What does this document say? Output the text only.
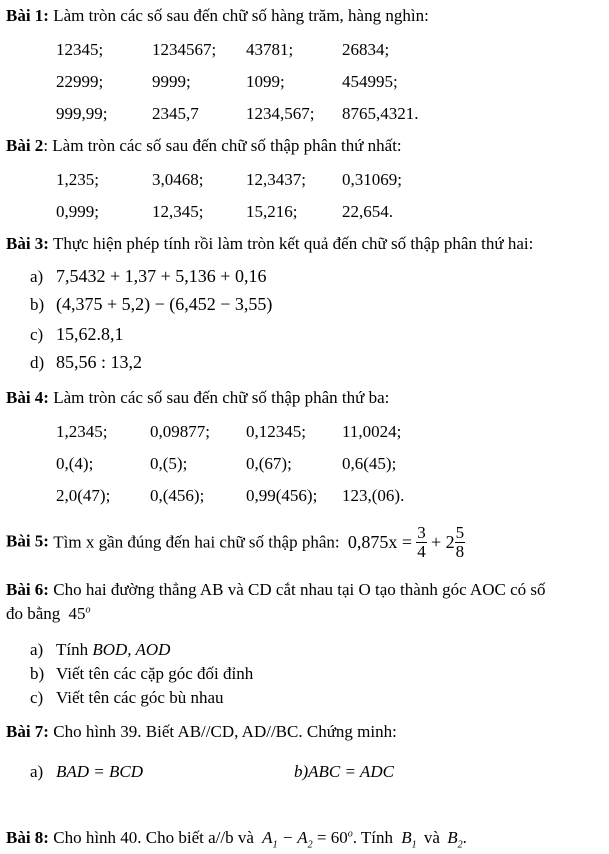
Bài 1: Làm tròn các số sau đến chữ số hàng trăm, hàng nghìn:
12345;	1234567; 43781;	26834;
22999;	9999;	1099;	454995;
999,99;	2345,7	1234,567; 8765,4321.
Bài 2: Làm tròn các số sau đến chữ số thập phân thứ nhất:
1,235;	3,0468;	12,3437; 0,31069;
0,999;	12,345;	15,216;	22,654.
Bài 3: Thực hiện phép tính rồi làm tròn kết quả đến chữ số thập phân thứ hai:
a) 7,5432 + 1,37 + 5,136 + 0,16
b) (4,375 + 5,2) − (6,452 − 3,55)
c) 15,62.8,1
d) 85,56 : 13,2
Bài 4: Làm tròn các số sau đến chữ số thập phân thứ ba:
1,2345;	0,09877; 0,12345; 11,0024;
0,(4);	0,(5);	0,(67);	0,6(45);
2,0(47); 0,(456); 0,99(456); 123,(06).
Bài 5: Tìm x gần đúng đến hai chữ số thập phân: $0,875x = \frac{3}{4} + 2 \frac{5}{8}$
Bài 6: Cho hai đường thẳng AB và CD cắt nhau tại O tạo thành góc AOC có số
đo bằng 45$^o$
a) Tính BOD, AOD
b) Viết tên các cặp góc đối đỉnh
c) Viết tên các góc bù nhau
Bài 7: Cho hình 39. Biết AB//CD, AD//BC. Chứng minh:
a) BAD = BCD	b)ABC = ADC
Bài 8: Cho hình 40. Cho biết a//b và $A_1 - A_2 = 60^o$. Tính $B_1$ và $B_2$.
